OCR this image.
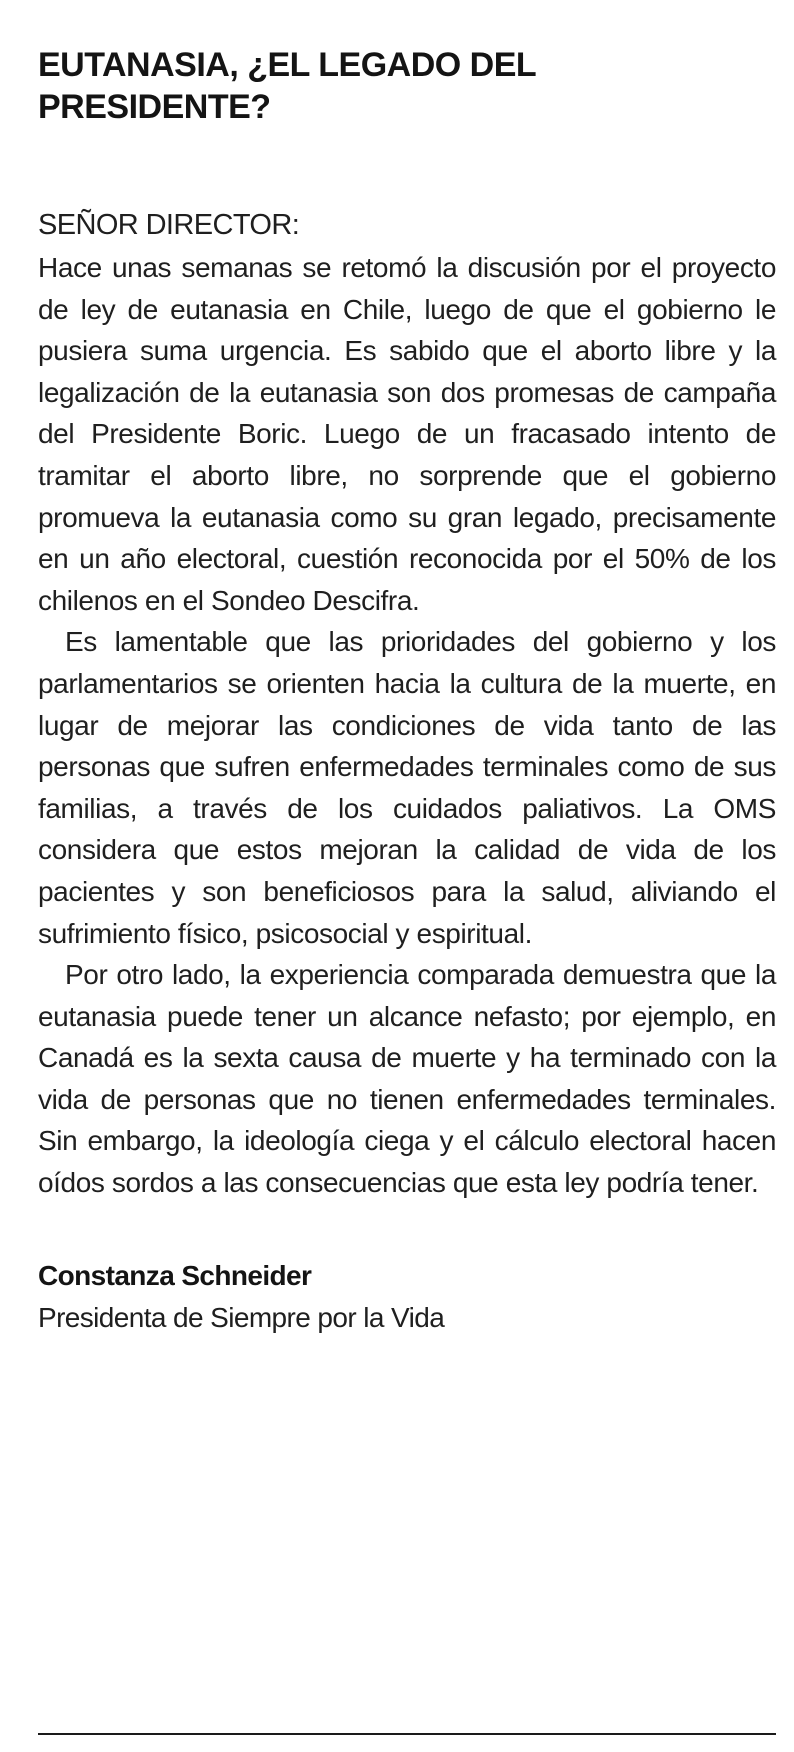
EUTANASIA, ¿EL LEGADO DEL PRESIDENTE?
SEÑOR DIRECTOR:

Hace unas semanas se retomó la discusión por el proyecto de ley de eutanasia en Chile, luego de que el gobierno le pusiera suma urgencia. Es sabido que el aborto libre y la legalización de la eutanasia son dos promesas de campaña del Presidente Boric. Luego de un fracasado intento de tramitar el aborto libre, no sorprende que el gobierno promueva la eutanasia como su gran legado, precisamente en un año electoral, cuestión reconocida por el 50% de los chilenos en el Sondeo Descifra.

Es lamentable que las prioridades del gobierno y los parlamentarios se orienten hacia la cultura de la muerte, en lugar de mejorar las condiciones de vida tanto de las personas que sufren enfermedades terminales como de sus familias, a través de los cuidados paliativos. La OMS considera que estos mejoran la calidad de vida de los pacientes y son beneficiosos para la salud, aliviando el sufrimiento físico, psicosocial y espiritual.

Por otro lado, la experiencia comparada demuestra que la eutanasia puede tener un alcance nefasto; por ejemplo, en Canadá es la sexta causa de muerte y ha terminado con la vida de personas que no tienen enfermedades terminales. Sin embargo, la ideología ciega y el cálculo electoral hacen oídos sordos a las consecuencias que esta ley podría tener.

Constanza Schneider
Presidenta de Siempre por la Vida
